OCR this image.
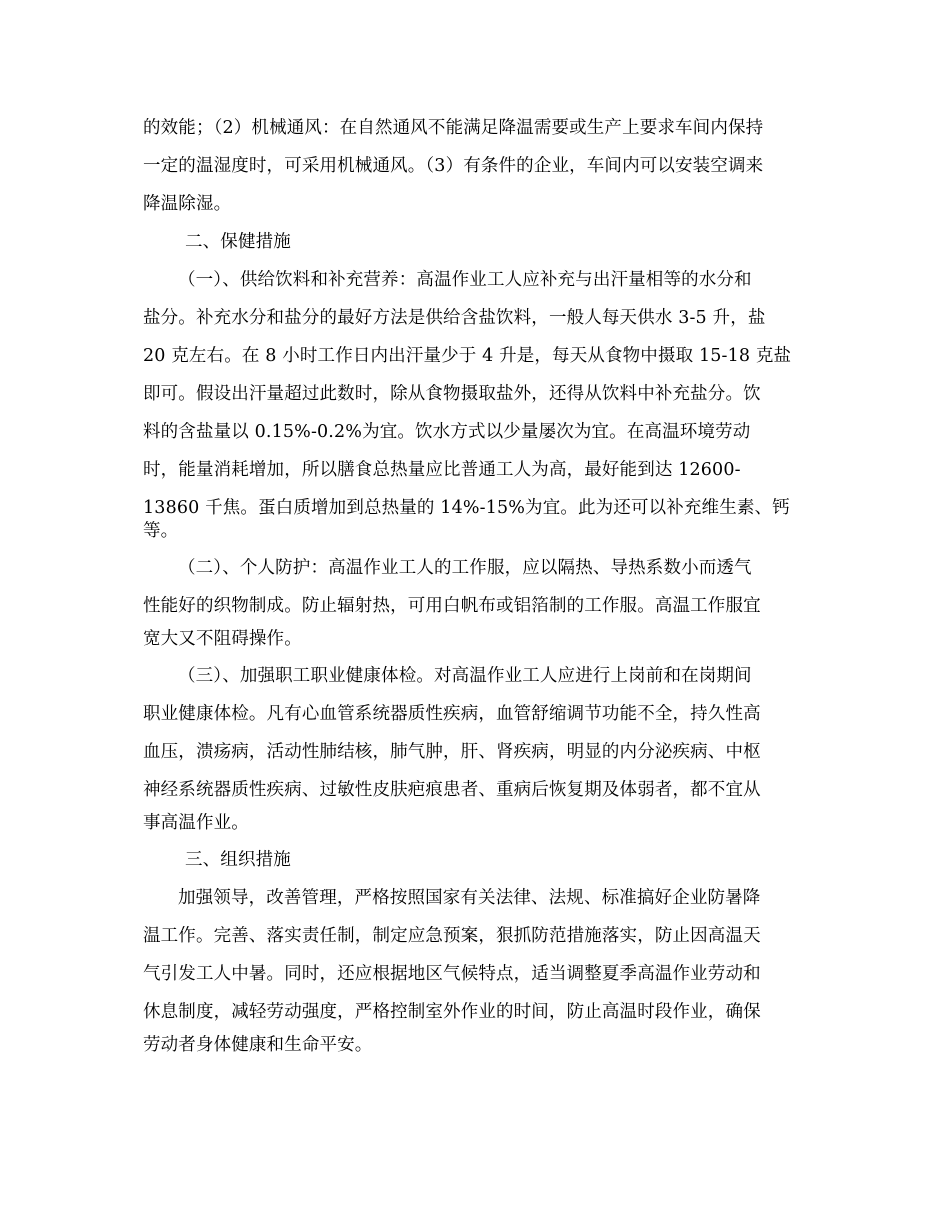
的效能；（2）机械通风：在自然通风不能满足降温需要或生产上要求车间内保持
一定的温湿度时，可采用机械通风。（3）有条件的企业，车间内可以安装空调来
降温除湿。
二、保健措施
（一）、供给饮料和补充营养：高温作业工人应补充与出汗量相等的水分和
盐分。补充水分和盐分的最好方法是供给含盐饮料，一般人每天供水 3-5 升，盐
20 克左右。在 8 小时工作日内出汗量少于 4 升是，每天从食物中摄取 15-18 克盐
即可。假设出汗量超过此数时，除从食物摄取盐外，还得从饮料中补充盐分。饮
料的含盐量以 0.15%-0.2%为宜。饮水方式以少量屡次为宜。在高温环境劳动
时，能量消耗增加，所以膳食总热量应比普通工人为高，最好能到达 12600-
13860 千焦。蛋白质增加到总热量的 14%-15%为宜。此为还可以补充维生素、钙
等。
（二）、个人防护：高温作业工人的工作服，应以隔热、导热系数小而透气
性能好的织物制成。防止辐射热，可用白帆布或铝箔制的工作服。高温工作服宜
宽大又不阻碍操作。
（三）、加强职工职业健康体检。对高温作业工人应进行上岗前和在岗期间
职业健康体检。凡有心血管系统器质性疾病，血管舒缩调节功能不全，持久性高
血压，溃疡病，活动性肺结核，肺气肿，肝、肾疾病，明显的内分泌疾病、中枢
神经系统器质性疾病、过敏性皮肤疤痕患者、重病后恢复期及体弱者，都不宜从
事高温作业。
三、组织措施
加强领导，改善管理，严格按照国家有关法律、法规、标准搞好企业防暑降
温工作。完善、落实责任制，制定应急预案，狠抓防范措施落实，防止因高温天
气引发工人中暑。同时，还应根据地区气候特点，适当调整夏季高温作业劳动和
休息制度，减轻劳动强度，严格控制室外作业的时间，防止高温时段作业，确保
劳动者身体健康和生命平安。
